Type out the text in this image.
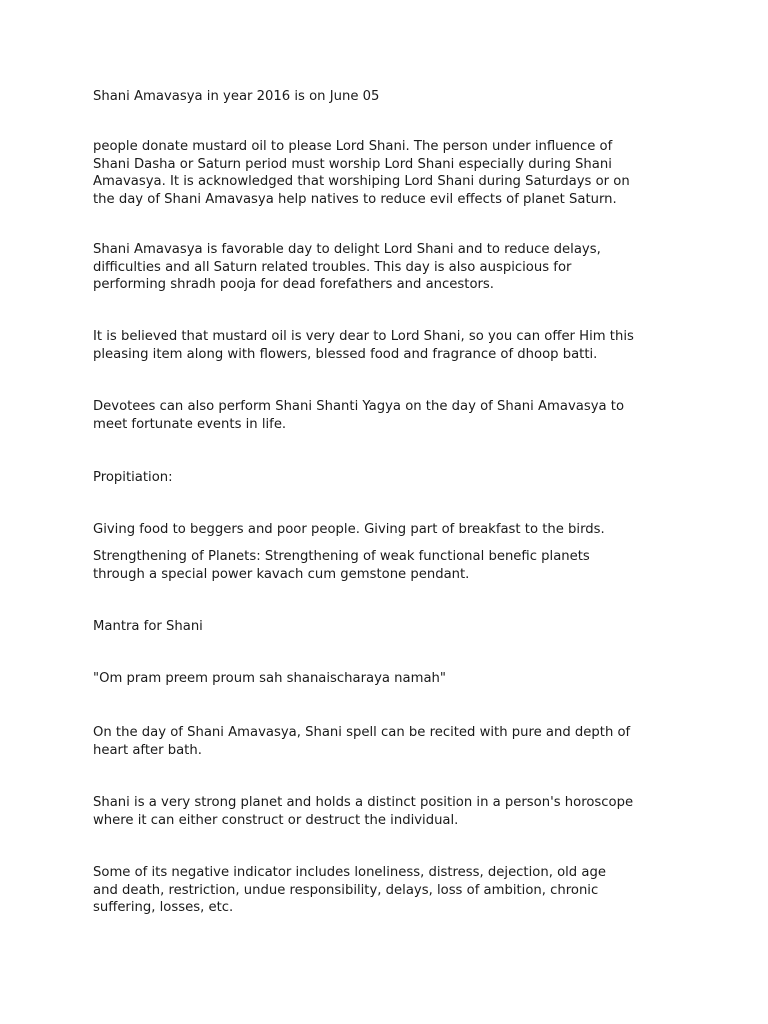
Shani Amavasya in year 2016 is on June 05

people donate mustard oil to please Lord Shani. The person under influence of
Shani Dasha or Saturn period must worship Lord Shani especially during Shani
Amavasya. It is acknowledged that worshiping Lord Shani during Saturdays or on
the day of Shani Amavasya help natives to reduce evil effects of planet Saturn.

Shani Amavasya is favorable day to delight Lord Shani and to reduce delays,
difficulties and all Saturn related troubles. This day is also auspicious for
performing shradh pooja for dead forefathers and ancestors.

It is believed that mustard oil is very dear to Lord Shani, so you can offer Him this
pleasing item along with flowers, blessed food and fragrance of dhoop batti.

Devotees can also perform Shani Shanti Yagya on the day of Shani Amavasya to
meet fortunate events in life.

Propitiation:

Giving food to beggers and poor people. Giving part of breakfast to the birds.

Strengthening of Planets: Strengthening of weak functional benefic planets
through a special power kavach cum gemstone pendant.

Mantra for Shani

"Om pram preem proum sah shanaischaraya namah"

On the day of Shani Amavasya, Shani spell can be recited with pure and depth of
heart after bath.

Shani is a very strong planet and holds a distinct position in a person's horoscope
where it can either construct or destruct the individual.

Some of its negative indicator includes loneliness, distress, dejection, old age
and death, restriction, undue responsibility, delays, loss of ambition, chronic
suffering, losses, etc.
